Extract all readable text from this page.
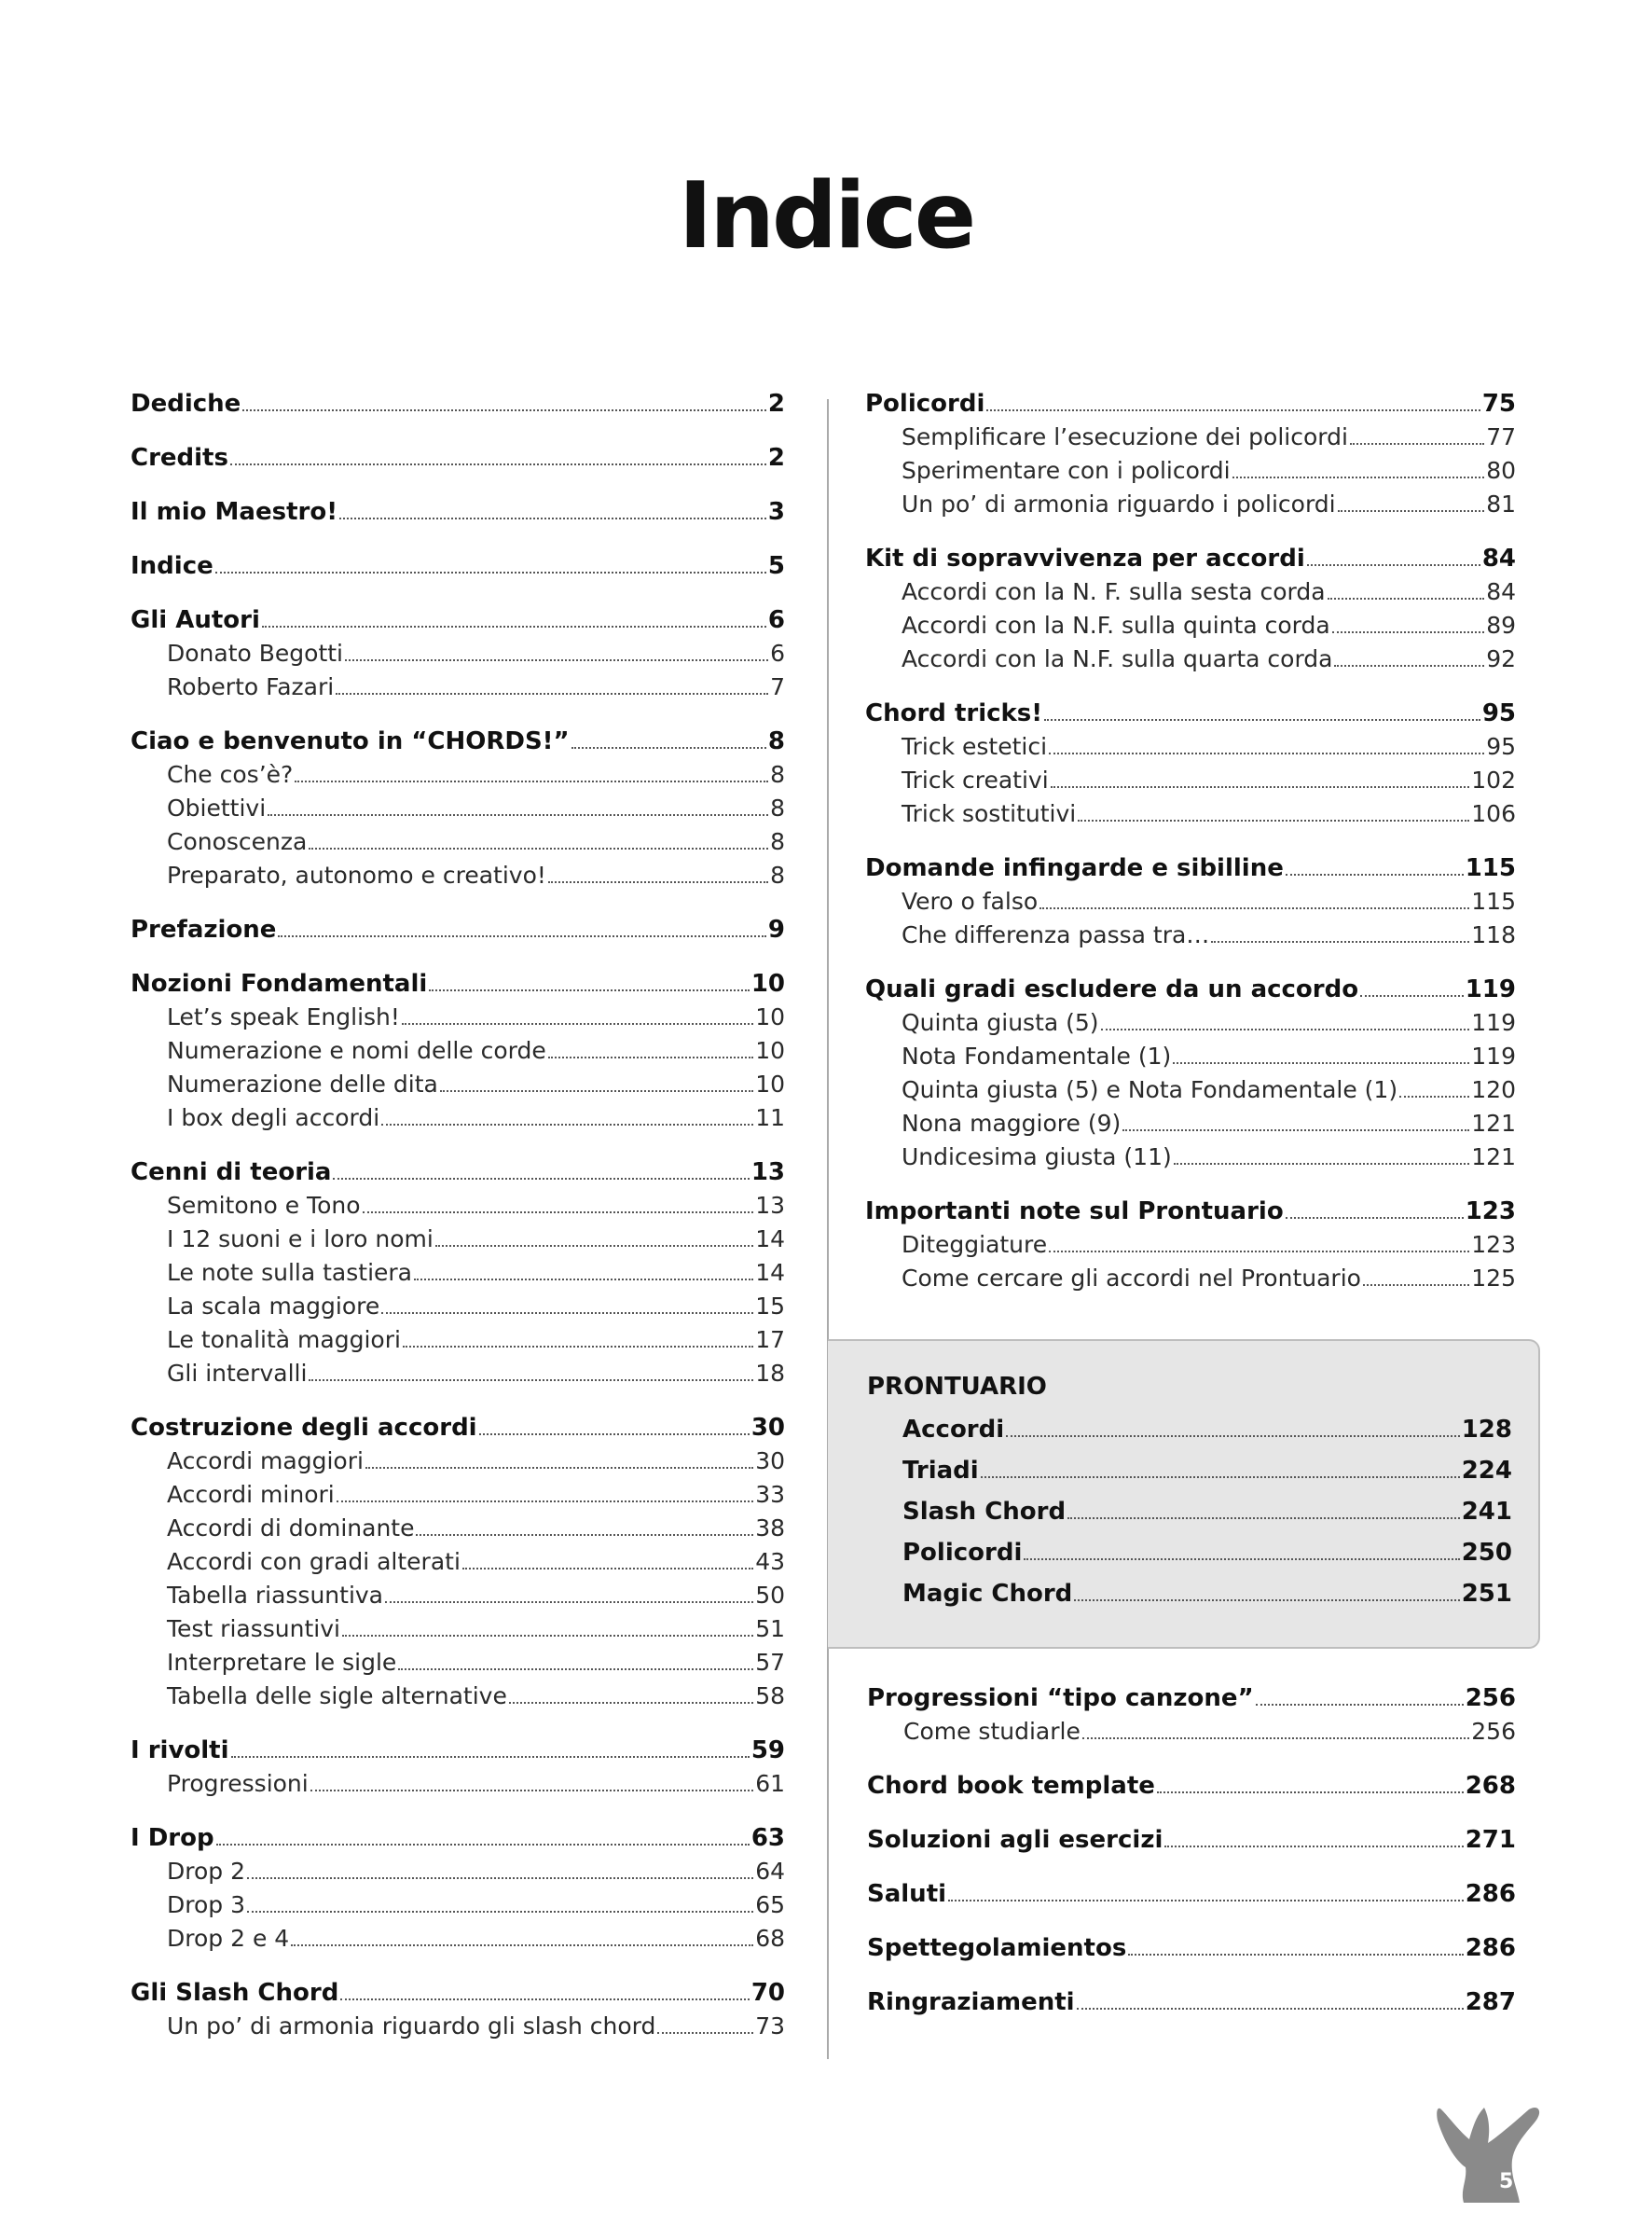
Indice
Dediche	2
Credits	2
Il mio Maestro!	3
Indice	5
Gli Autori	6
Donato Begotti	6
Roberto Fazari	7
Ciao e benvenuto in “CHORDS!”	8
Che cos’è?	8
Obiettivi	8
Conoscenza	8
Preparato, autonomo e creativo!	8
Prefazione	9
Nozioni Fondamentali	10
Let’s speak English!	10
Numerazione e nomi delle corde	10
Numerazione delle dita	10
I box degli accordi	11
Cenni di teoria	13
Semitono e Tono	13
I 12 suoni e i loro nomi	14
Le note sulla tastiera	14
La scala maggiore	15
Le tonalità maggiori	17
Gli intervalli	18
Costruzione degli accordi	30
Accordi maggiori	30
Accordi minori	33
Accordi di dominante	38
Accordi con gradi alterati	43
Tabella riassuntiva	50
Test riassuntivi	51
Interpretare le sigle	57
Tabella delle sigle alternative	58
I rivolti	59
Progressioni	61
I Drop	63
Drop 2	64
Drop 3	65
Drop 2 e 4	68
Gli Slash Chord	70
Un po’ di armonia riguardo gli slash chord	73
Policordi	75
Semplificare l’esecuzione dei policordi	77
Sperimentare con i policordi	80
Un po’ di armonia riguardo i policordi	81
Kit di sopravvivenza per accordi	84
Accordi con la N. F. sulla sesta corda	84
Accordi con la N.F. sulla quinta corda	89
Accordi con la N.F. sulla quarta corda	92
Chord tricks!	95
Trick estetici	95
Trick creativi	102
Trick sostitutivi	106
Domande infingarde e sibilline	115
Vero o falso	115
Che differenza passa tra…	118
Quali gradi escludere da un accordo	119
Quinta giusta (5)	119
Nota Fondamentale (1)	119
Quinta giusta (5) e Nota Fondamentale (1)	120
Nona maggiore (9)	121
Undicesima giusta (11)	121
Importanti note sul Prontuario	123
Diteggiature	123
Come cercare gli accordi nel Prontuario	125
PRONTUARIO
Accordi	128
Triadi	224
Slash Chord	241
Policordi	250
Magic Chord	251
Progressioni “tipo canzone”	256
Come studiarle	256
Chord book template	268
Soluzioni agli esercizi	271
Saluti	286
Spettegolamientos	286
Ringraziamenti	287
5
